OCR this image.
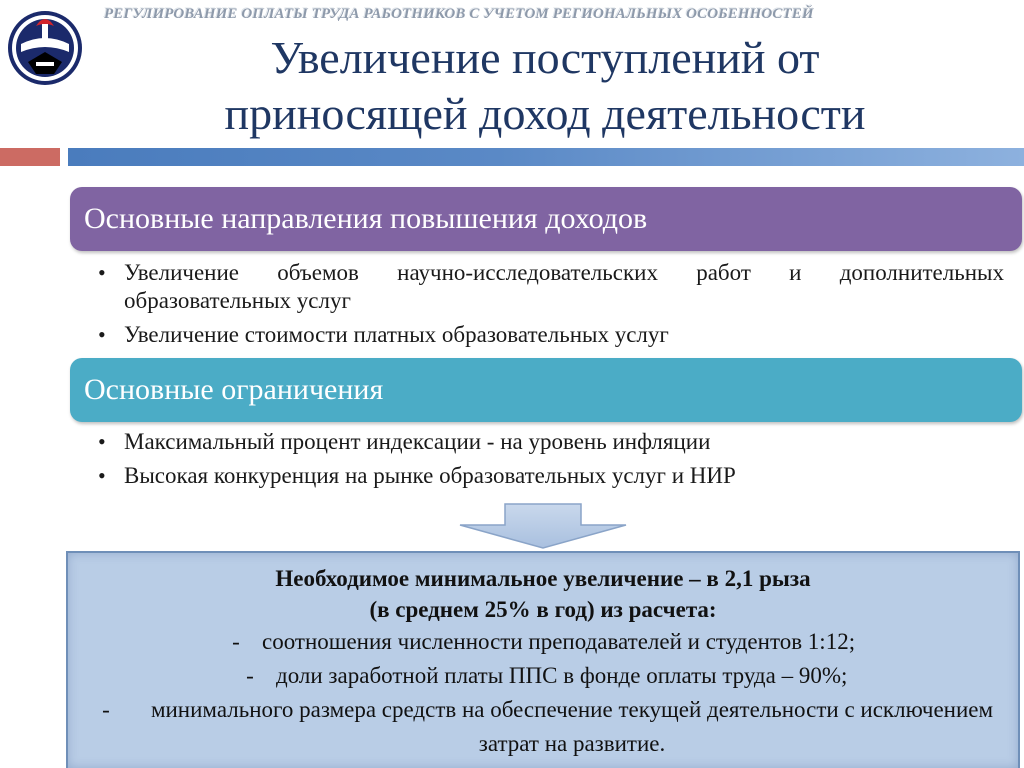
РЕГУЛИРОВАНИЕ ОПЛАТЫ ТРУДА РАБОТНИКОВ С УЧЕТОМ РЕГИОНАЛЬНЫХ ОСОБЕННОСТЕЙ
Увеличение поступлений от
приносящей доход деятельности
Основные направления повышения доходов
• Увеличение объемов научно-исследовательских работ и дополнительных образовательных услуг
• Увеличение стоимости платных образовательных услуг
Основные ограничения
• Максимальный процент индексации - на уровень инфляции
• Высокая конкуренция на рынке образовательных услуг и НИР
Необходимое минимальное увеличение – в 2,1 рыза
(в среднем 25% в год) из расчета:
- соотношения численности преподавателей и студентов 1:12;
- доли заработной платы ППС в фонде оплаты труда – 90%;
-	минимального размера средств на обеспечение текущей деятельности с исключением затрат на развитие.
